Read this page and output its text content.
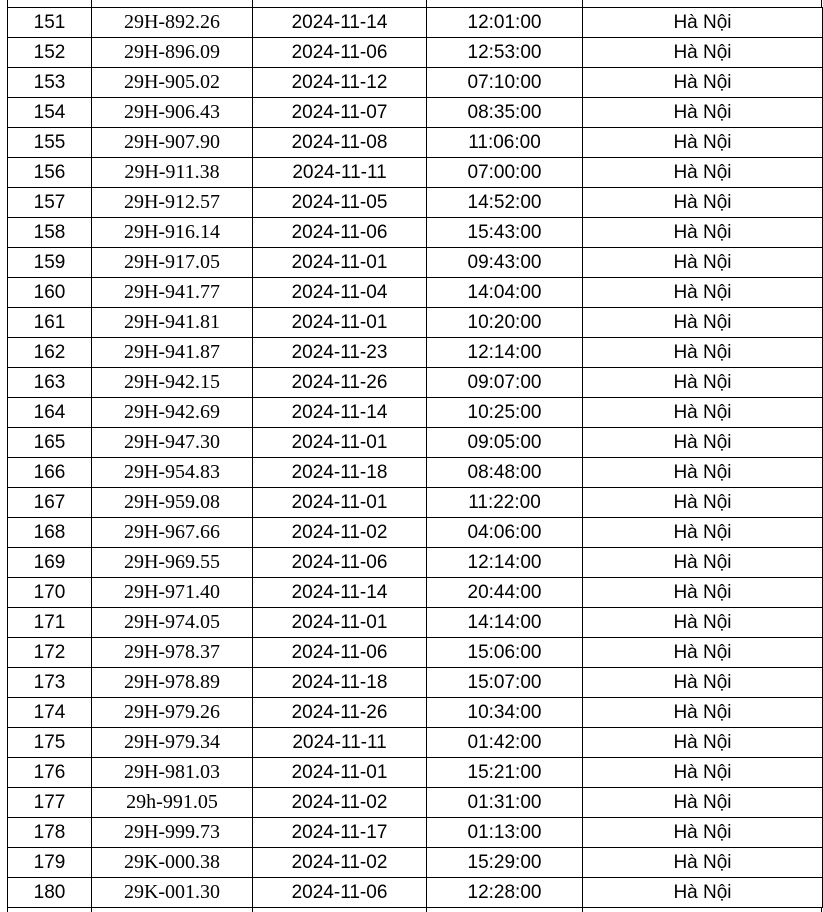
151	29H-892.26	2024-11-14	12:01:00	Hà Nội
152	29H-896.09	2024-11-06	12:53:00	Hà Nội
153	29H-905.02	2024-11-12	07:10:00	Hà Nội
154	29H-906.43	2024-11-07	08:35:00	Hà Nội
155	29H-907.90	2024-11-08	11:06:00	Hà Nội
156	29H-911.38	2024-11-11	07:00:00	Hà Nội
157	29H-912.57	2024-11-05	14:52:00	Hà Nội
158	29H-916.14	2024-11-06	15:43:00	Hà Nội
159	29H-917.05	2024-11-01	09:43:00	Hà Nội
160	29H-941.77	2024-11-04	14:04:00	Hà Nội
161	29H-941.81	2024-11-01	10:20:00	Hà Nội
162	29H-941.87	2024-11-23	12:14:00	Hà Nội
163	29H-942.15	2024-11-26	09:07:00	Hà Nội
164	29H-942.69	2024-11-14	10:25:00	Hà Nội
165	29H-947.30	2024-11-01	09:05:00	Hà Nội
166	29H-954.83	2024-11-18	08:48:00	Hà Nội
167	29H-959.08	2024-11-01	11:22:00	Hà Nội
168	29H-967.66	2024-11-02	04:06:00	Hà Nội
169	29H-969.55	2024-11-06	12:14:00	Hà Nội
170	29H-971.40	2024-11-14	20:44:00	Hà Nội
171	29H-974.05	2024-11-01	14:14:00	Hà Nội
172	29H-978.37	2024-11-06	15:06:00	Hà Nội
173	29H-978.89	2024-11-18	15:07:00	Hà Nội
174	29H-979.26	2024-11-26	10:34:00	Hà Nội
175	29H-979.34	2024-11-11	01:42:00	Hà Nội
176	29H-981.03	2024-11-01	15:21:00	Hà Nội
177	29h-991.05	2024-11-02	01:31:00	Hà Nội
178	29H-999.73	2024-11-17	01:13:00	Hà Nội
179	29K-000.38	2024-11-02	15:29:00	Hà Nội
180	29K-001.30	2024-11-06	12:28:00	Hà Nội
